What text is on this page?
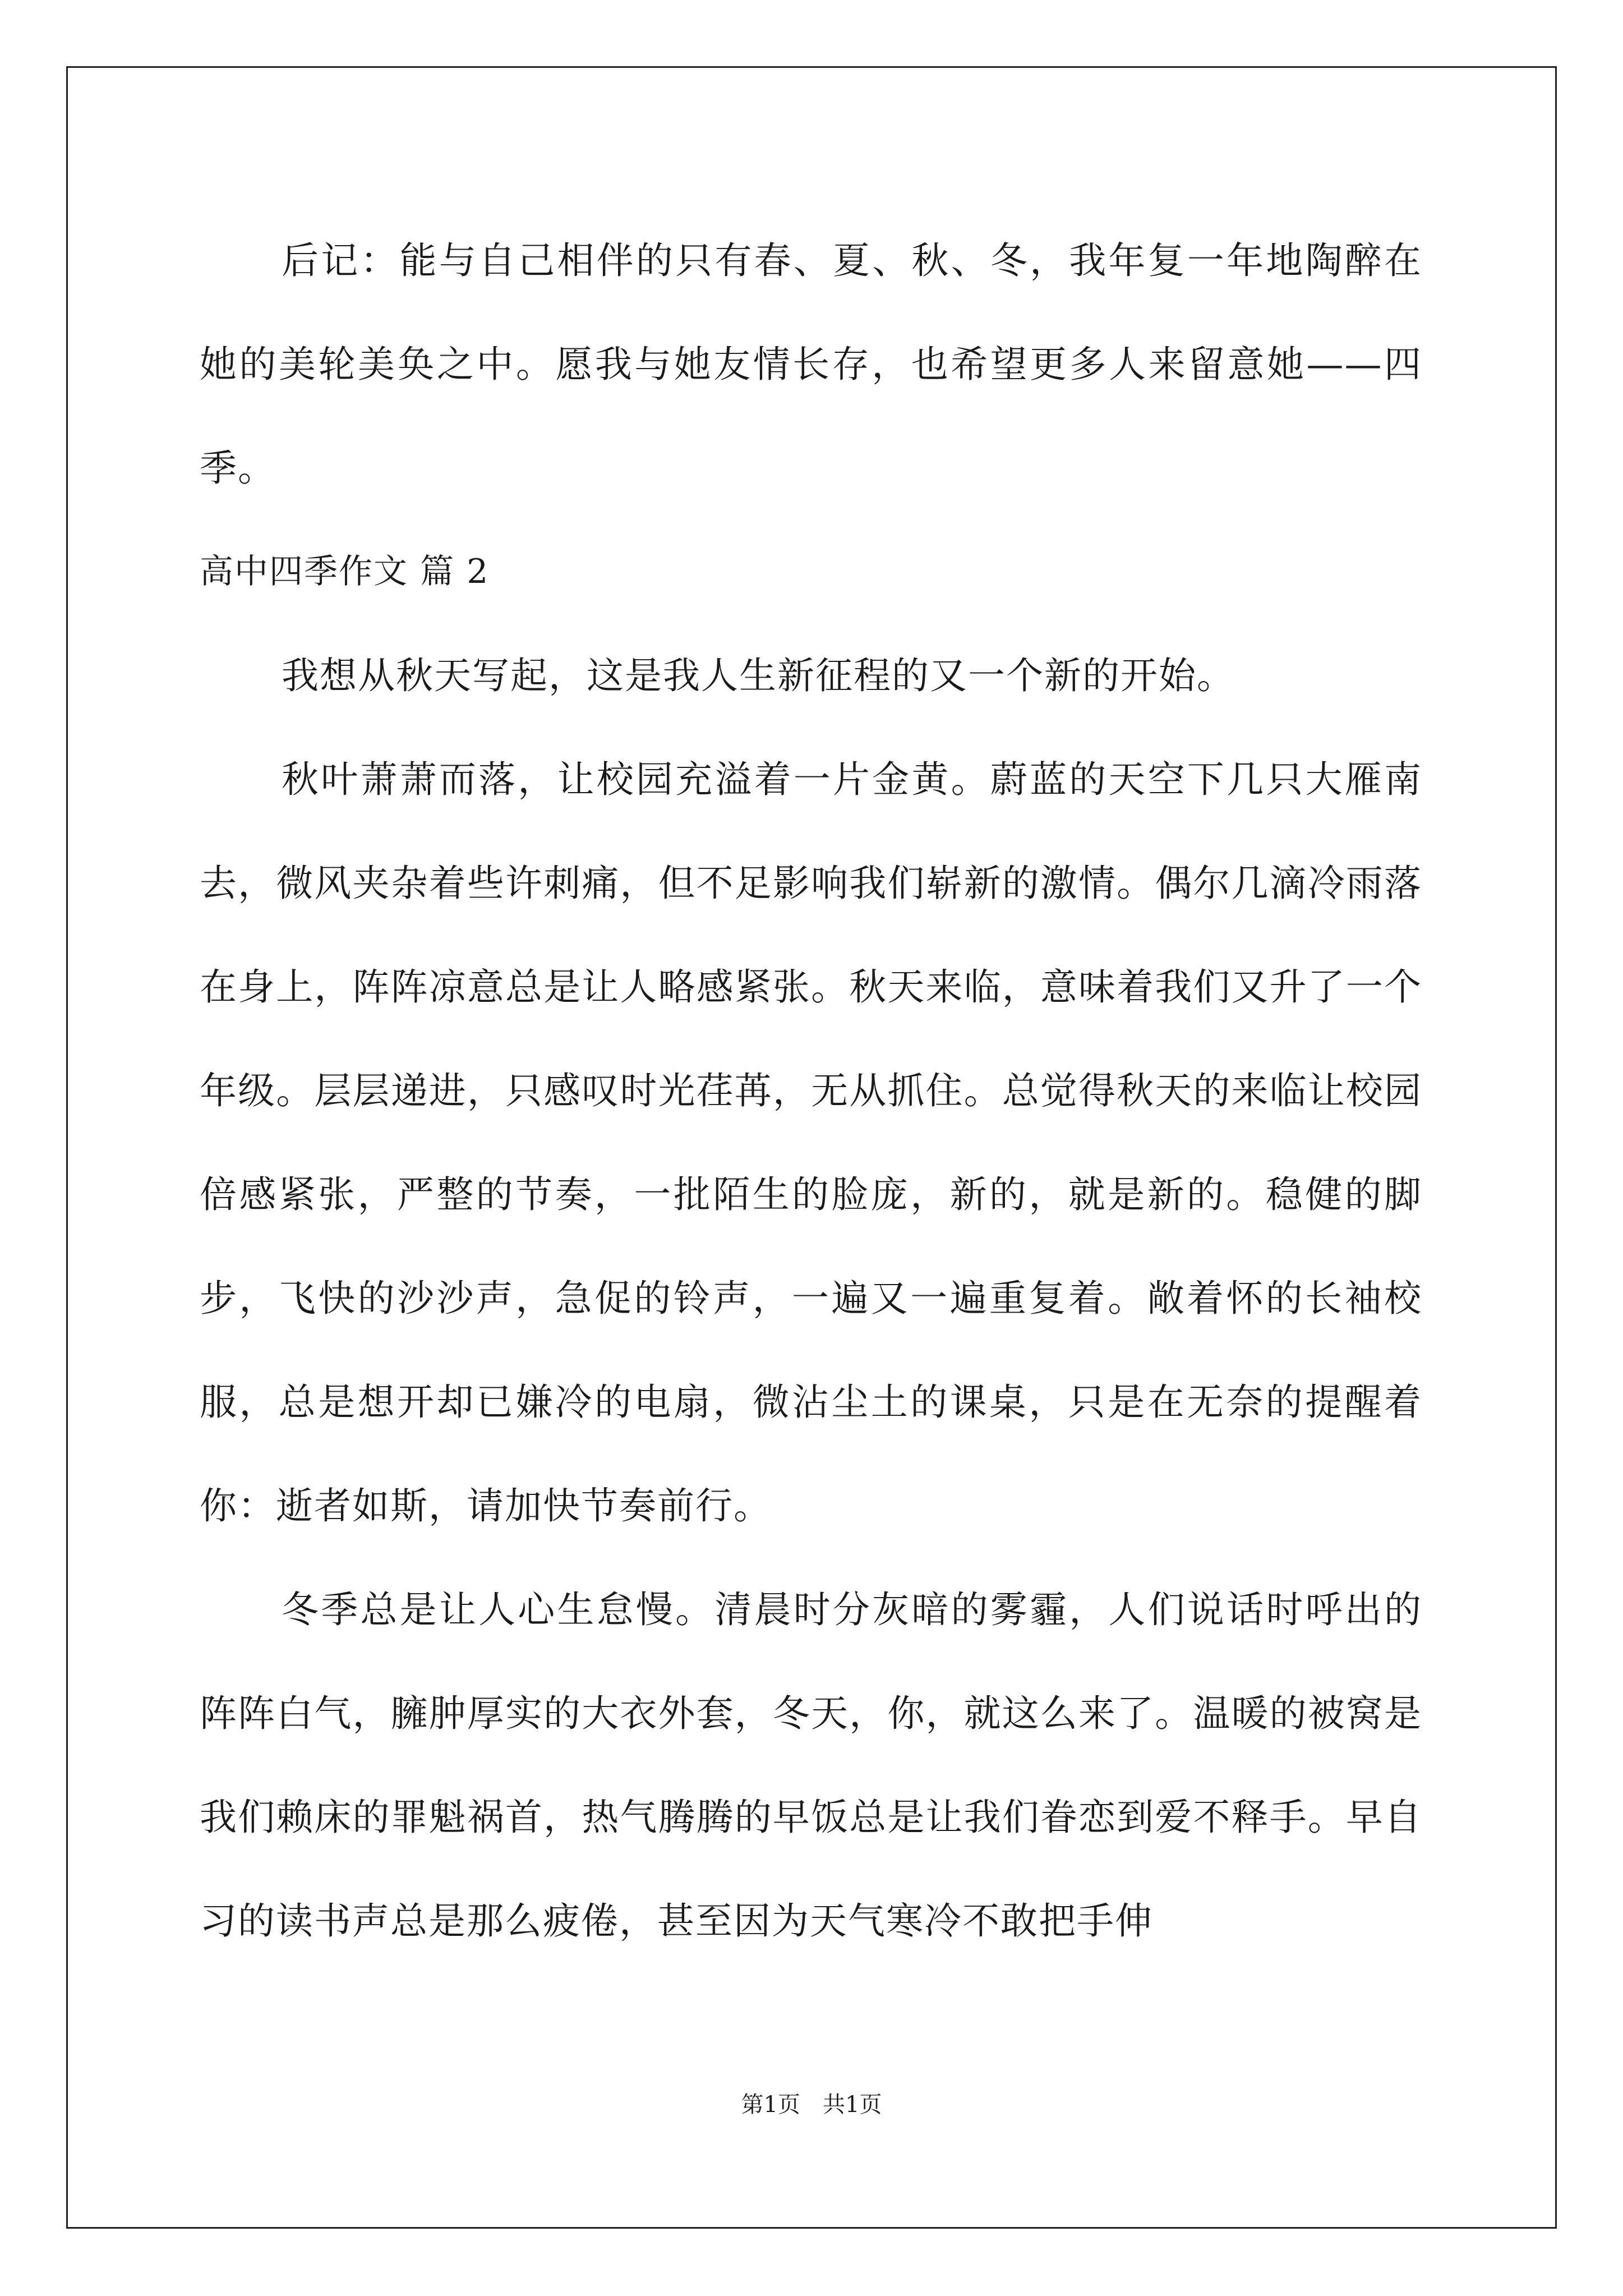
后记：能与自己相伴的只有春、夏、秋、冬，我年复一年地陶醉在她的美轮美奂之中。愿我与她友情长存，也希望更多人来留意她——四季。

高中四季作文 篇 2

我想从秋天写起，这是我人生新征程的又一个新的开始。

秋叶萧萧而落，让校园充溢着一片金黄。蔚蓝的天空下几只大雁南去，微风夹杂着些许刺痛，但不足影响我们崭新的激情。偶尔几滴冷雨落在身上，阵阵凉意总是让人略感紧张。秋天来临，意味着我们又升了一个年级。层层递进，只感叹时光荏苒，无从抓住。总觉得秋天的来临让校园倍感紧张，严整的节奏，一批陌生的脸庞，新的，就是新的。稳健的脚步，飞快的沙沙声，急促的铃声，一遍又一遍重复着。敞着怀的长袖校服，总是想开却已嫌冷的电扇，微沾尘土的课桌，只是在无奈的提醒着你：逝者如斯，请加快节奏前行。

冬季总是让人心生怠慢。清晨时分灰暗的雾霾，人们说话时呼出的阵阵白气，臃肿厚实的大衣外套，冬天，你，就这么来了。温暖的被窝是我们赖床的罪魁祸首，热气腾腾的早饭总是让我们眷恋到爱不释手。早自习的读书声总是那么疲倦，甚至因为天气寒冷不敢把手伸

第1页 共1页
